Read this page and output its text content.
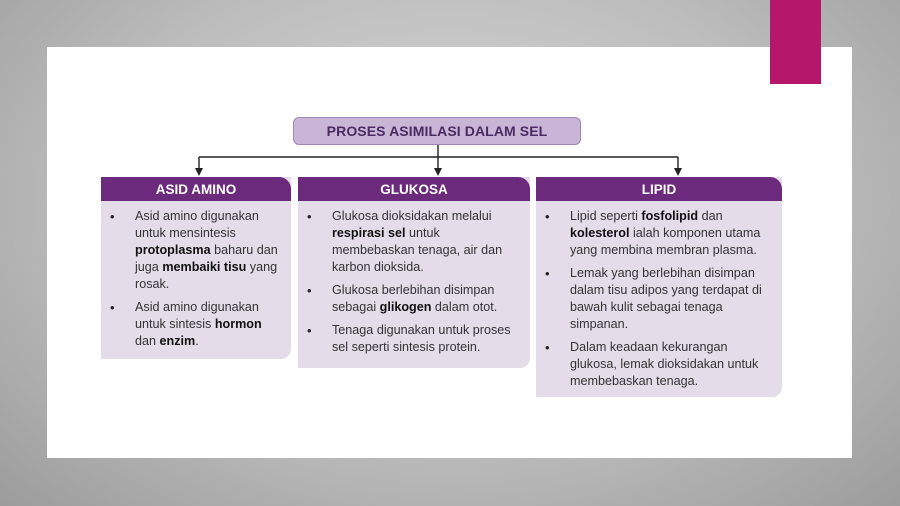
PROSES ASIMILASI DALAM SEL
ASID AMINO
• Asid amino digunakan untuk mensintesis protoplasma baharu dan juga membaiki tisu yang rosak.
• Asid amino digunakan untuk sintesis hormon dan enzim.
GLUKOSA
• Glukosa dioksidakan melalui respirasi sel untuk membebaskan tenaga, air dan karbon dioksida.
• Glukosa berlebihan disimpan sebagai glikogen dalam otot.
• Tenaga digunakan untuk proses sel seperti sintesis protein.
LIPID
• Lipid seperti fosfolipid dan kolesterol ialah komponen utama yang membina membran plasma.
• Lemak yang berlebihan disimpan dalam tisu adipos yang terdapat di bawah kulit sebagai tenaga simpanan.
• Dalam keadaan kekurangan glukosa, lemak dioksidakan untuk membebaskan tenaga.
